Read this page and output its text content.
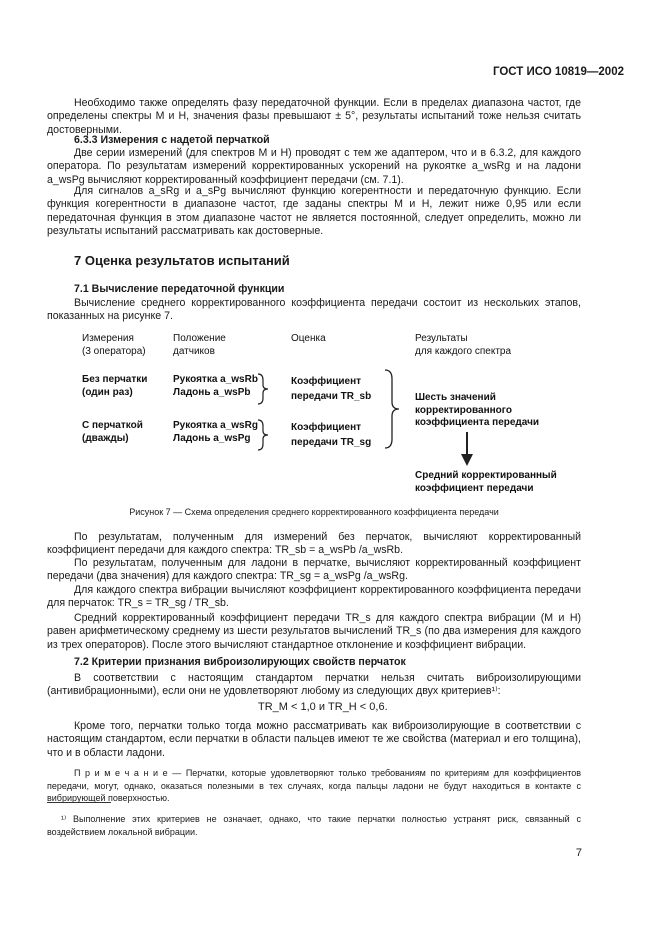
ГОСТ ИСО 10819—2002
Необходимо также определять фазу передаточной функции. Если в пределах диапазона частот, где определены спектры M и H, значения фазы превышают ± 5°, результаты испытаний тоже нельзя считать достоверными.
6.3.3 Измерения с надетой перчаткой
Две серии измерений (для спектров M и H) проводят с тем же адаптером, что и в 6.3.2, для каждого оператора. По результатам измерений корректированных ускорений на рукоятке a_wsRg и на ладони a_wsPg вычисляют корректированный коэффициент передачи (см. 7.1).
Для сигналов a_sRg и a_sPg вычисляют функцию когерентности и передаточную функцию. Если функция когерентности в диапазоне частот, где заданы спектры M и H, лежит ниже 0,95 или если передаточная функция в этом диапазоне частот не является постоянной, следует определить, можно ли результаты испытаний рассматривать как достоверные.
7 Оценка результатов испытаний
7.1 Вычисление передаточной функции
Вычисление среднего корректированного коэффициента передачи состоит из нескольких этапов, показанных на рисунке 7.
Измерения
(3 оператора)
Положение
датчиков
Оценка	Результаты
для каждого спектра
Без перчатки
(один раз)
Рукоятка a_wsRb
Ладонь a_wsPb
Коэффициент
передачи TR_sb
С перчаткой
(дважды)
Рукоятка a_wsRg
Ладонь a_wsPg
Коэффициент
передачи TR_sg
Шесть значений
корректированного
коэффициента передачи
Средний корректированный
коэффициент передачи
Рисунок 7 — Схема определения среднего корректированного коэффициента передачи
По результатам, полученным для измерений без перчаток, вычисляют корректированный коэффициент передачи для каждого спектра: TR_sb = a_wsPb /a_wsRb.
По результатам, полученным для ладони в перчатке, вычисляют корректированный коэффициент передачи (два значения) для каждого спектра: TR_sg = a_wsPg /a_wsRg.
Для каждого спектра вибрации вычисляют коэффициент корректированного коэффициента передачи для перчаток: TR_s = TR_sg / TR_sb.
Средний корректированный коэффициент передачи TR_s для каждого спектра вибрации (M и H) равен арифметическому среднему из шести результатов вычислений TR_s (по два измерения для каждого из трех операторов). После этого вычисляют стандартное отклонение и коэффициент вибрации.
7.2 Критерии признания виброизолирующих свойств перчаток
В соответствии с настоящим стандартом перчатки нельзя считать виброизолирующими (антивибрационными), если они не удовлетворяют любому из следующих двух критериев¹⁾:
TR_M < 1,0 и TR_H < 0,6.
Кроме того, перчатки только тогда можно рассматривать как виброизолирующие в соответствии с настоящим стандартом, если перчатки в области пальцев имеют те же свойства (материал и его толщина), что и в области ладони.
П р и м е ч а н и е — Перчатки, которые удовлетворяют только требованиям по критериям для коэффициентов передачи, могут, однако, оказаться полезными в тех случаях, когда пальцы ладони не будут находиться в контакте с вибрирующей поверхностью.
¹⁾ Выполнение этих критериев не означает, однако, что такие перчатки полностью устранят риск, связанный с воздействием локальной вибрации.
7
